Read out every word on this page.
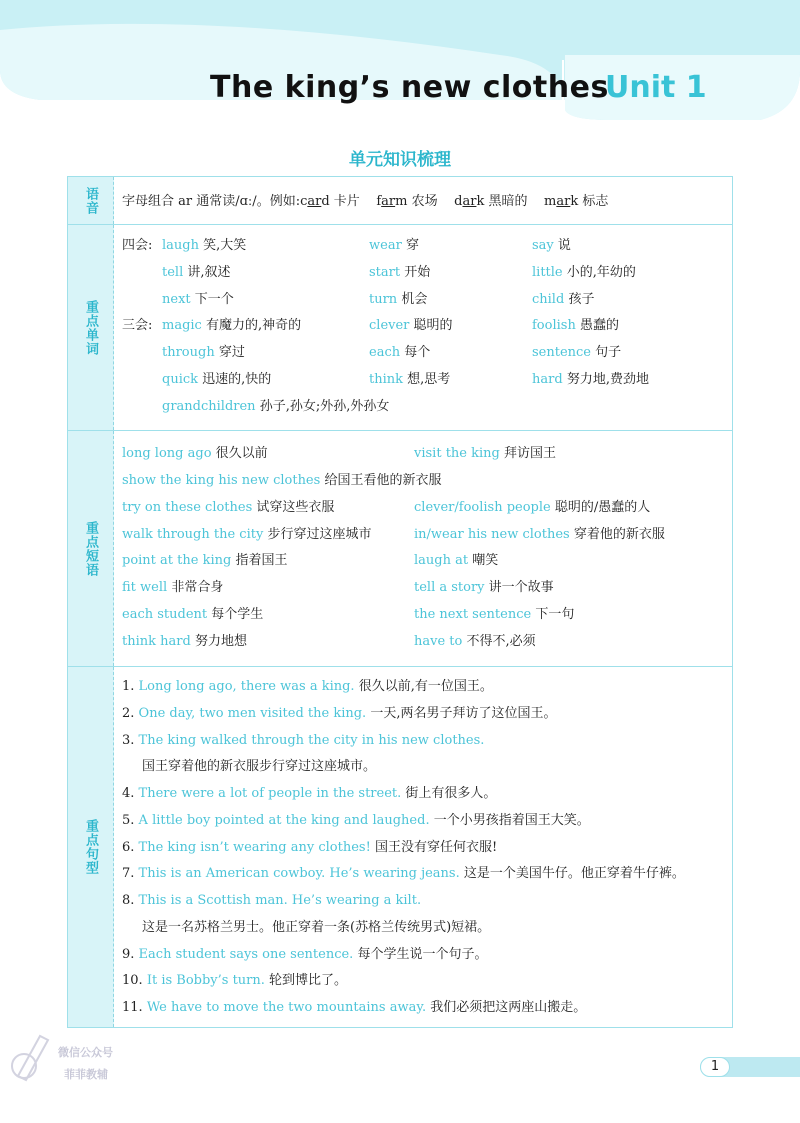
The king’s new clothes
Unit 1
单元知识梳理
语音 字母组合 ar 通常读/ɑː/。例如:card 卡片 farm 农场 dark 黑暗的 mark 标志
重点单词
四会:
三会:
laugh 笑,大笑
tell 讲,叙述
next 下一个
magic 有魔力的,神奇的
through 穿过
quick 迅速的,快的
grandchildren 孙子,孙女;外孙,外孙女
wear 穿
start 开始
turn 机会
clever 聪明的
each 每个
think 想,思考
say 说
little 小的,年幼的
child 孩子
foolish 愚蠢的
sentence 句子
hard 努力地,费劲地
重点短语
long long ago 很久以前
show the king his new clothes 给国王看他的新衣服
try on these clothes 试穿这些衣服
walk through the city 步行穿过这座城市
point at the king 指着国王
fit well 非常合身
each student 每个学生
think hard 努力地想
visit the king 拜访国王
clever/foolish people 聪明的/愚蠢的人
in/wear his new clothes 穿着他的新衣服
laugh at 嘲笑
tell a story 讲一个故事
the next sentence 下一句
have to 不得不,必须
重点句型
1. Long long ago, there was a king. 很久以前,有一位国王。
2. One day, two men visited the king. 一天,两名男子拜访了这位国王。
3. The king walked through the city in his new clothes.
国王穿着他的新衣服步行穿过这座城市。
4. There were a lot of people in the street. 街上有很多人。
5. A little boy pointed at the king and laughed. 一个小男孩指着国王大笑。
6. The king isn’t wearing any clothes! 国王没有穿任何衣服!
7. This is an American cowboy. He’s wearing jeans. 这是一个美国牛仔。他正穿着牛仔裤。
8. This is a Scottish man. He’s wearing a kilt.
这是一名苏格兰男士。他正穿着一条(苏格兰传统男式)短裙。
9. Each student says one sentence. 每个学生说一个句子。
10. It is Bobby’s turn. 轮到博比了。
11. We have to move the two mountains away. 我们必须把这两座山搬走。
微信公众号
菲菲教辅
1
